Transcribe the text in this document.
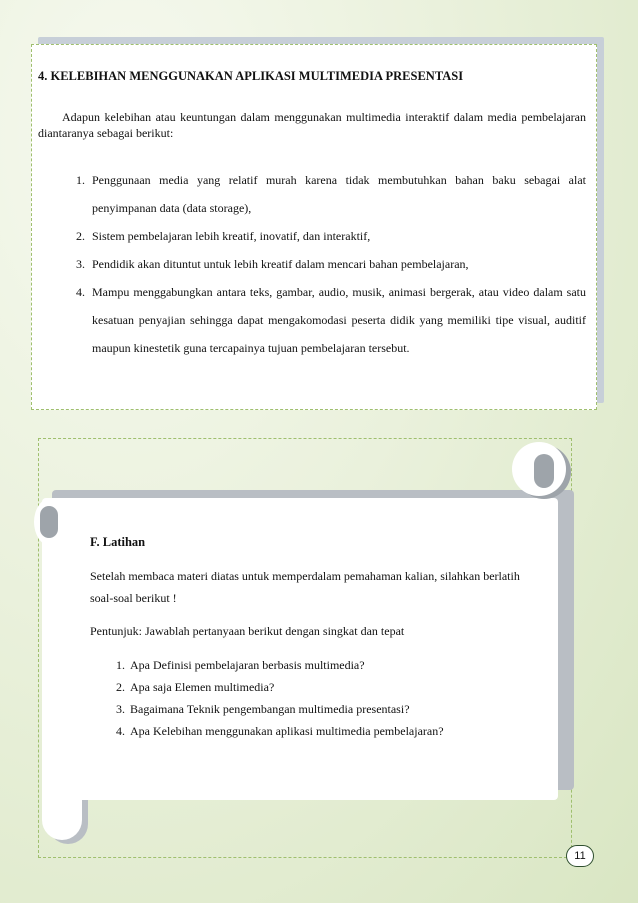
4. KELEBIHAN MENGGUNAKAN APLIKASI MULTIMEDIA PRESENTASI
Adapun kelebihan atau keuntungan dalam menggunakan multimedia interaktif dalam media pembelajaran diantaranya sebagai berikut:
1. Penggunaan media yang relatif murah karena tidak membutuhkan bahan baku sebagai alat penyimpanan data (data storage),
2. Sistem pembelajaran lebih kreatif, inovatif, dan interaktif,
3. Pendidik akan dituntut untuk lebih kreatif dalam mencari bahan pembelajaran,
4. Mampu menggabungkan antara teks, gambar, audio, musik, animasi bergerak, atau video dalam satu kesatuan penyajian sehingga dapat mengakomodasi peserta didik yang memiliki tipe visual, auditif maupun kinestetik guna tercapainya tujuan pembelajaran tersebut.
F. Latihan
Setelah membaca materi diatas untuk memperdalam pemahaman kalian, silahkan berlatih soal-soal berikut !
Pentunjuk: Jawablah pertanyaan berikut dengan singkat dan tepat
1. Apa Definisi pembelajaran berbasis multimedia?
2. Apa saja Elemen multimedia?
3. Bagaimana Teknik pengembangan multimedia presentasi?
4. Apa Kelebihan menggunakan aplikasi multimedia pembelajaran?
11
